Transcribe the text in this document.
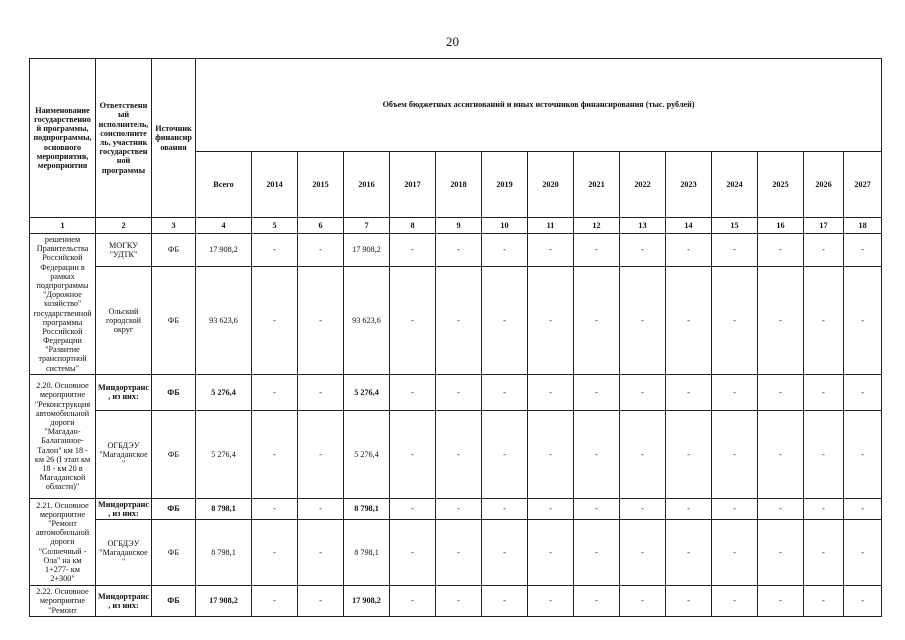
20
Наименование государственной программы, подпрограммы, основного мероприятия, мероприятия	Ответственный исполнитель, соисполнитель, участник государственной программы	Источник финансирования	Объем бюджетных ассигнований и иных источников финансирования (тыс. рублей)														
			Всего	2014	2015	2016	2017	2018	2019	2020	2021	2022	2023	2024	2025	2026	2027
1	2	3	4	5	6	7	8	9	10	11	12	13	14	15	16	17	18
решением Правительства Российской Федерации в рамках подпрограммы "Дорожное хозяйство" государственной программы Российской Федерации "Развитие транспортной системы"	МОГКУ "УДТК"	ФБ	17 908,2	-	-	17 908,2	-	-	-	-	-	-	-	-	-	-	-
	Ольский городской округ	ФБ	93 623,6	-	-	93 623,6	-	-	-	-	-	-	-	-	-	-	-
2.20. Основное мероприятие "Реконструкция автомобильной дороги "Магадан-Балаганное-Талон" км 18 - км 26 (I этап км 18 - км 20 в Магаданской области)"	Миндортранс, из них:	ФБ	5 276,4	-	-	5 276,4	-	-	-	-	-	-	-	-	-	-	-
	ОГБДЭУ "Магаданское"	ФБ	5 276,4	-	-	5 276,4	-	-	-	-	-	-	-	-	-	-	-
2.21. Основное мероприятие "Ремонт автомобильной дороги "Солнечный - Ола" на км 1+277- км 2+300"	Миндортранс, из них:	ФБ	8 798,1	-	-	8 798,1	-	-	-	-	-	-	-	-	-	-	-
	ОГБДЭУ "Магаданское"	ФБ	8 798,1	-	-	8 798,1	-	-	-	-	-	-	-	-	-	-	-
2.22. Основное мероприятие "Ремонт	Миндортранс, из них:	ФБ	17 908,2	-	-	17 908,2	-	-	-	-	-	-	-	-	-	-	-
